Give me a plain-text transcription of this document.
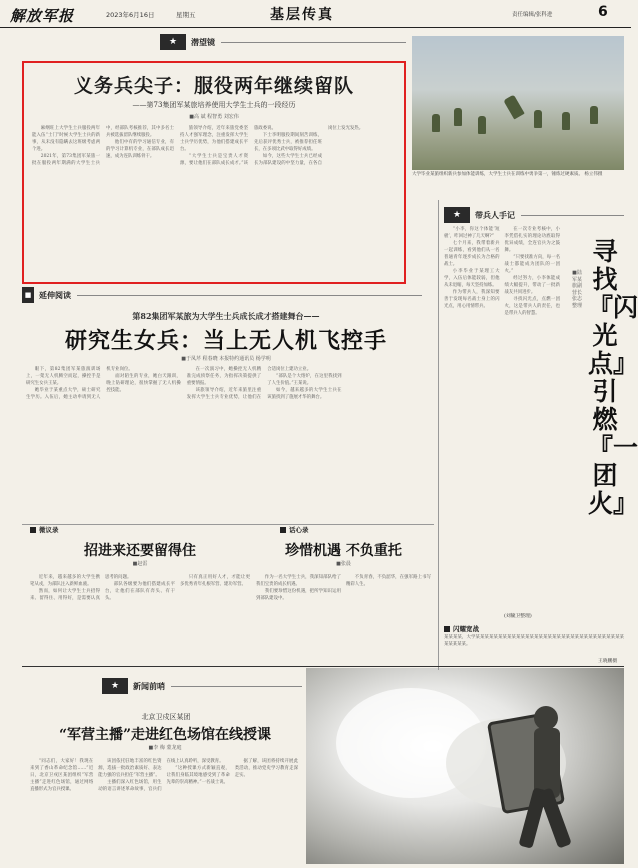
解放军报	2023年6月16日	星期五	基层传真	责任编辑/张科进	6
★	潜望镜
义务兵尖子：服役两年继续留队
——第73集团军某旅培养使用大学生士兵的一段经历
■高 斌 程智勇 刘宏伟

麻纲旺上大学生士兵服役两年能入伍“士门”时候大学生士兵的新事，从未没有隐瞒去这班级考虑两个进。

2021年，第73集团军某旅一批在服役两年期满的大学生士兵中，经部队考核推荐，其中多名士兵被选拔留队继续服役。

他们中有的学习通信专业，有的学习计算机专业，在部队成长迅速，成为连队训练骨干。

旅领导介绍，近年来旅党委坚持人才强军理念，注重发挥大学生士兵学历优势，为他们搭建成长平台。

“大学生士兵是宝贵人才资源，要让他们在部队成长成才。”该旅政委说。

下士李明服役期间刻苦训练，先后获评优秀士兵，被推荐担任班长，在多项比武中取得好成绩。

如今，这些大学生士兵已经成长为部队建设的中坚力量，在各自岗位上发光发热。

大学毕业某旅组织新兵参加体能训练，大学生士兵在训练中勇争第一，锤炼过硬素质。 杨立伟摄
★	带兵人手记

“小李，你这个体能‘短板’，咋回过神了几天啊?”

七个月来，我带着新兵一起训练，看到他们从一名普通青年逐步成长为合格的战士。

小李毕业于某理工大学，入伍后体能较弱，但他从未退缩，每天坚持加练。

作为带兵人，我深知要善于发现每名战士身上的闪光点，用心用情带兵。

在一次专业考核中，小李凭借扎实的理论功底取得优异成绩，全连官兵为之鼓舞。

“只要找准方向，每一名战士都能成为团队的一团火。”

经过努力，小李体能成绩大幅提升，带动了一批新战友共同进步。

寻找闪光点，点燃一团火，这是带兵人的责任，也是带兵人的智慧。

(刘毓卫整理)
寻找『闪光点』 引燃『一团火』
■陆军某旅副营长 张志 整理
■ 延伸阅读
第82集团军某旅为大学生士兵成长成才搭建舞台——
研究生女兵：当上无人机飞控手
■于凤芹 程春晓 本报特约通讯员 杨学明

眼下，第82集团军某旅演训场上，一架无人机腾空而起，操控手是研究生女兵王某。

她毕业于某重点大学，硕士研究生学历。入伍后，她主动申请到无人机专业岗位。

面对陌生的专业，她白天跟训，晚上钻研理论，很快掌握了无人机操控技能。

在一次演习中，她操控无人机精准完成侦察任务，为指挥决策提供了重要情报。

该旅领导介绍，近年来旅里注重发挥大学生士兵专业优势，让他们在合适岗位上建功立业。

“部队是个大熔炉，在这里我找到了人生价值。”王某说。

如今，越来越多的大学生士兵在该旅找到了施展才华的舞台。

微议录
招进来还要留得住
■赵雷

近年来，越来越多的大学生携笔从戎，为部队注入新鲜血液。

然而，如何让大学生士兵招得来、留得住、用得好，是需要认真思考的问题。

部队各级要为他们搭建成长平台，让他们在部队有奔头、有干头。

只有真正用好人才，才能让更多优秀青年扎根军营、建功军营。

话心录
珍惜机遇 不负重托
■张晨

作为一名大学生士兵，我深知部队给了我们宝贵的成长机遇。

我们要珍惜这份机遇，把所学知识运用到部队建设中。

不负青春，不负韶华，在强军路上书写精彩人生。

闪耀宽战
某某某某，大学某某某某某某某某某某某某某某某某某某某某某某某某某某某某某某某某某某某某某某。
王晓鹏摄
★	新闻前哨
北京卫戍区某团
“军营主播”走进红色场馆在线授课
■李 梅 蒙龙庭

“同志们，大家好！我现在来到了香山革命纪念馆……”近日，北京卫戍区某团组织“军营主播”走进红色场馆，通过网络直播形式为官兵授课。

该团依托驻地丰富的红色资源，选拔一批政治素质好、表达能力强的官兵担任“军营主播”。

主播们深入红色场馆，用生动的语言讲述革命故事，官兵们在线上认真聆听，深受教育。

“这种授课方式新颖直观，让我们身临其境地感受到了革命先辈的崇高精神。”一名战士说。

据了解，该团将持续开展此类活动，推动党史学习教育走深走实。
